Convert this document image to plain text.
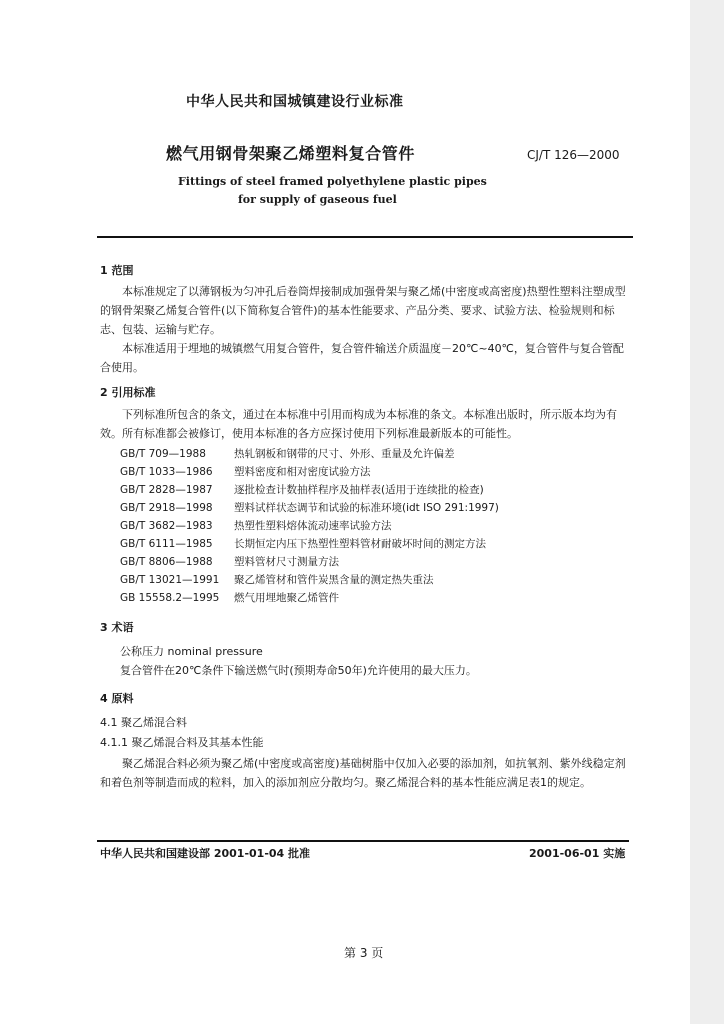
中华人民共和国城镇建设行业标准
燃气用钢骨架聚乙烯塑料复合管件	CJ/T 126—2000
Fittings of steel framed polyethylene plastic pipes
for supply of gaseous fuel
1 范围

本标准规定了以薄钢板为匀冲孔后卷筒焊接制成加强骨架与聚乙烯(中密度或高密度)热塑性塑料注塑成型的钢骨架聚乙烯复合管件(以下简称复合管件)的基本性能要求、产品分类、要求、试验方法、检验规则和标志、包装、运输与贮存。

本标准适用于埋地的城镇燃气用复合管件，复合管件输送介质温度－20℃~40℃，复合管件与复合管配合使用。

2 引用标准

下列标准所包含的条文，通过在本标准中引用而构成为本标准的条文。本标准出版时，所示版本均为有效。所有标准都会被修订，使用本标准的各方应探讨使用下列标准最新版本的可能性。

GB/T 709—1988	热轧钢板和钢带的尺寸、外形、重量及允许偏差
GB/T 1033—1986 塑料密度和相对密度试验方法
GB/T 2828—1987 逐批检查计数抽样程序及抽样表(适用于连续批的检查)
GB/T 2918—1998 塑料试样状态调节和试验的标准环境(idt ISO 291:1997)
GB/T 3682—1983 热塑性塑料熔体流动速率试验方法
GB/T 6111—1985 长期恒定内压下热塑性塑料管材耐破坏时间的测定方法
GB/T 8806—1988 塑料管材尺寸测量方法
GB/T 13021—1991 聚乙烯管材和管件炭黑含量的测定热失重法
GB 15558.2—1995 燃气用埋地聚乙烯管件
3 术语
公称压力 nominal pressure
复合管件在20℃条件下输送燃气时(预期寿命50年)允许使用的最大压力。
4 原料
4.1 聚乙烯混合料
4.1.1 聚乙烯混合料及其基本性能

聚乙烯混合料必须为聚乙烯(中密度或高密度)基础树脂中仅加入必要的添加剂，如抗氧剂、紫外线稳定剂和着色剂等制造而成的粒料，加入的添加剂应分散均匀。聚乙烯混合料的基本性能应满足表1的规定。

中华人民共和国建设部 2001-01-04 批准	2001-06-01 实施
第 3 页
